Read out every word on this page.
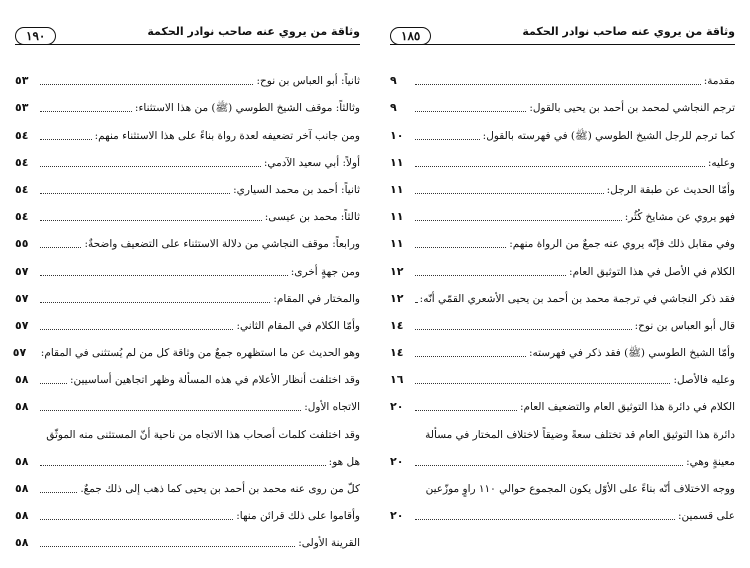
وثاقة من يروي عنه صاحب نوادر الحكمة
١٩٠
ثانياً: أبو العباس بن نوح:
٥٣
وثالثاً: موقف الشيخ الطوسي (ﷺ) من هذا الاستثناء:
٥٣
ومن جانب آخر تضعيفه لعدة رواة بناءً على هذا الاستثناء منهم:
٥٤
أولاً: أبي سعيد الآدمي:
٥٤
ثانياً: أحمد بن محمد السياري:
٥٤
ثالثاً: محمد بن عيسى:
٥٤
ورابعاً: موقف النجاشي من دلالة الاستثناء على التضعيف واضحةٌ:
٥٥
ومن جهةٍ أخرى:
٥٧
والمختار في المقام:
٥٧
وأمّا الكلام في المقام الثاني:
٥٧
وهو الحديث عن ما استظهره جمعٌ من وثاقة كل من لم يُستثنى في المقام:
٥٧
وقد اختلفت أنظار الأعلام في هذه المسألة وظهر اتجاهين أساسيين:
٥٨
الاتجاه الأول:
٥٨
وقد اختلفت كلمات أصحاب هذا الاتجاه من ناحية أنّ المستثنى منه الموثّق
هل هو:
٥٨
كلّ من روى عنه محمد بن أحمد بن يحيى كما ذهب إلى ذلك جمعٌ.
٥٨
وأقاموا على ذلك قرائن منها:
٥٨
القرينة الأولى:
٥٨
وثاقة من يروي عنه صاحب نوادر الحكمة
١٨٥
مقدمة:
٩
ترجم النجاشي لمحمد بن أحمد بن يحيى بالقول:
٩
كما ترجم للرجل الشيخ الطوسي (ﷺ) في فهرسته بالقول:
١٠
وعليه:
١١
وأمّا الحديث عن طبقة الرجل:
١١
فهو يروي عن مشايخ كُثُر:
١١
وفي مقابل ذلك فإنّه يروي عنه جمعٌ من الرواة منهم:
١١
الكلام في الأصل في هذا التوثيق العام:
١٢
فقد ذكر النجاشي في ترجمة محمد بن أحمد بن يحيى الأشعري القمّي أنّه:
١٢
قال أبو العباس بن نوح:
١٤
وأمّا الشيخ الطوسي (ﷺ) فقد ذكر في فهرسته:
١٤
وعليه فالأصل:
١٦
الكلام في دائرة هذا التوثيق العام والتضعيف العام:
٢٠
دائرة هذا التوثيق العام قد تختلف سعةً وضيقاً لاختلاف المختار في مسألة
معينةٍ وهي:
٢٠
ووجه الاختلاف أنّه بناءً على الأوّل يكون المجموع حوالي ١١٠ راوٍ موزّعين
على قسمين:
٢٠
